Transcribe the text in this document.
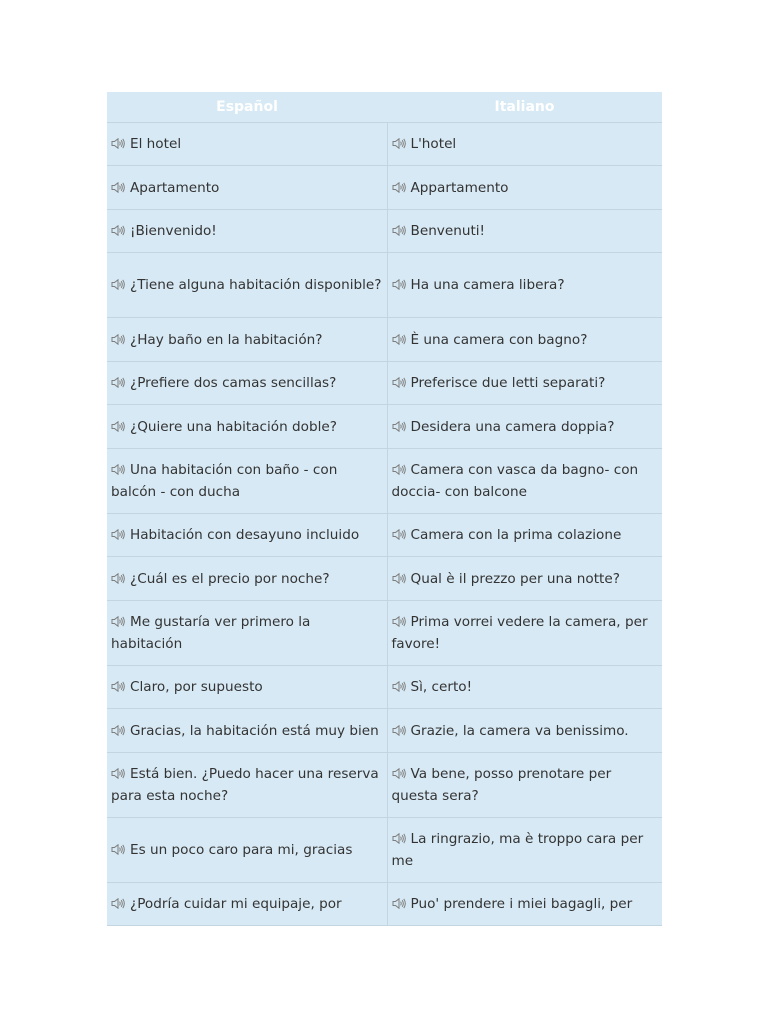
Español	Italiano

El hotel	L'hotel

Apartamento	Appartamento

¡Bienvenido!	Benvenuti!

¿Tiene alguna habitación disponible?	Ha una camera libera?

¿Hay baño en la habitación?	È una camera con bagno?

¿Prefiere dos camas sencillas?	Preferisce due letti separati?

¿Quiere una habitación doble?	Desidera una camera doppia?

Una habitación con baño - con balcón - con ducha	Camera con vasca da bagno- con doccia- con balcone

Habitación con desayuno incluido	Camera con la prima colazione

¿Cuál es el precio por noche?	Qual è il prezzo per una notte?

Me gustaría ver primero la habitación	Prima vorrei vedere la camera, per favore!

Claro, por supuesto	Sì, certo!

Gracias, la habitación está muy bien	Grazie, la camera va benissimo.

Está bien. ¿Puedo hacer una reserva para esta noche?	Va bene, posso prenotare per questa sera?

Es un poco caro para mi, gracias	La ringrazio, ma è troppo cara per me

¿Podría cuidar mi equipaje, por	Puo' prendere i miei bagagli, per
